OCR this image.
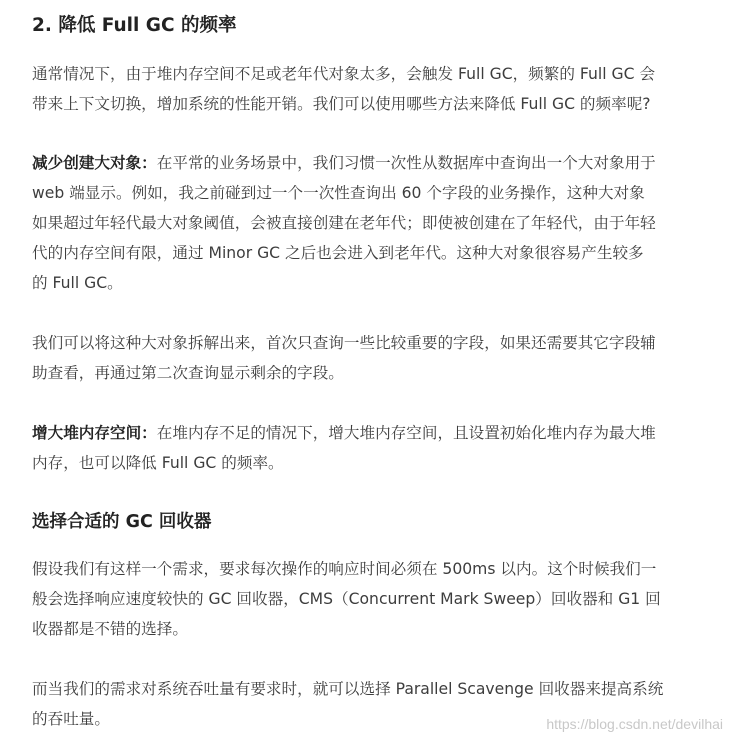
2. 降低 Full GC 的频率
通常情况下，由于堆内存空间不足或老年代对象太多，会触发 Full GC，频繁的 Full GC 会
带来上下文切换，增加系统的性能开销。我们可以使用哪些方法来降低 Full GC 的频率呢?
减少创建大对象：在平常的业务场景中，我们习惯一次性从数据库中查询出一个大对象用于
web 端显示。例如，我之前碰到过一个一次性查询出 60 个字段的业务操作，这种大对象
如果超过年轻代最大对象阈值，会被直接创建在老年代；即使被创建在了年轻代，由于年轻
代的内存空间有限，通过 Minor GC 之后也会进入到老年代。这种大对象很容易产生较多
的 Full GC。
我们可以将这种大对象拆解出来，首次只查询一些比较重要的字段，如果还需要其它字段辅
助查看，再通过第二次查询显示剩余的字段。
增大堆内存空间：在堆内存不足的情况下，增大堆内存空间，且设置初始化堆内存为最大堆
内存，也可以降低 Full GC 的频率。
选择合适的 GC 回收器
假设我们有这样一个需求，要求每次操作的响应时间必须在 500ms 以内。这个时候我们一
般会选择响应速度较快的 GC 回收器，CMS（Concurrent Mark Sweep）回收器和 G1 回
收器都是不错的选择。
而当我们的需求对系统吞吐量有要求时，就可以选择 Parallel Scavenge 回收器来提高系统
的吞吐量。	https://blog.csdn.net/devilhai
